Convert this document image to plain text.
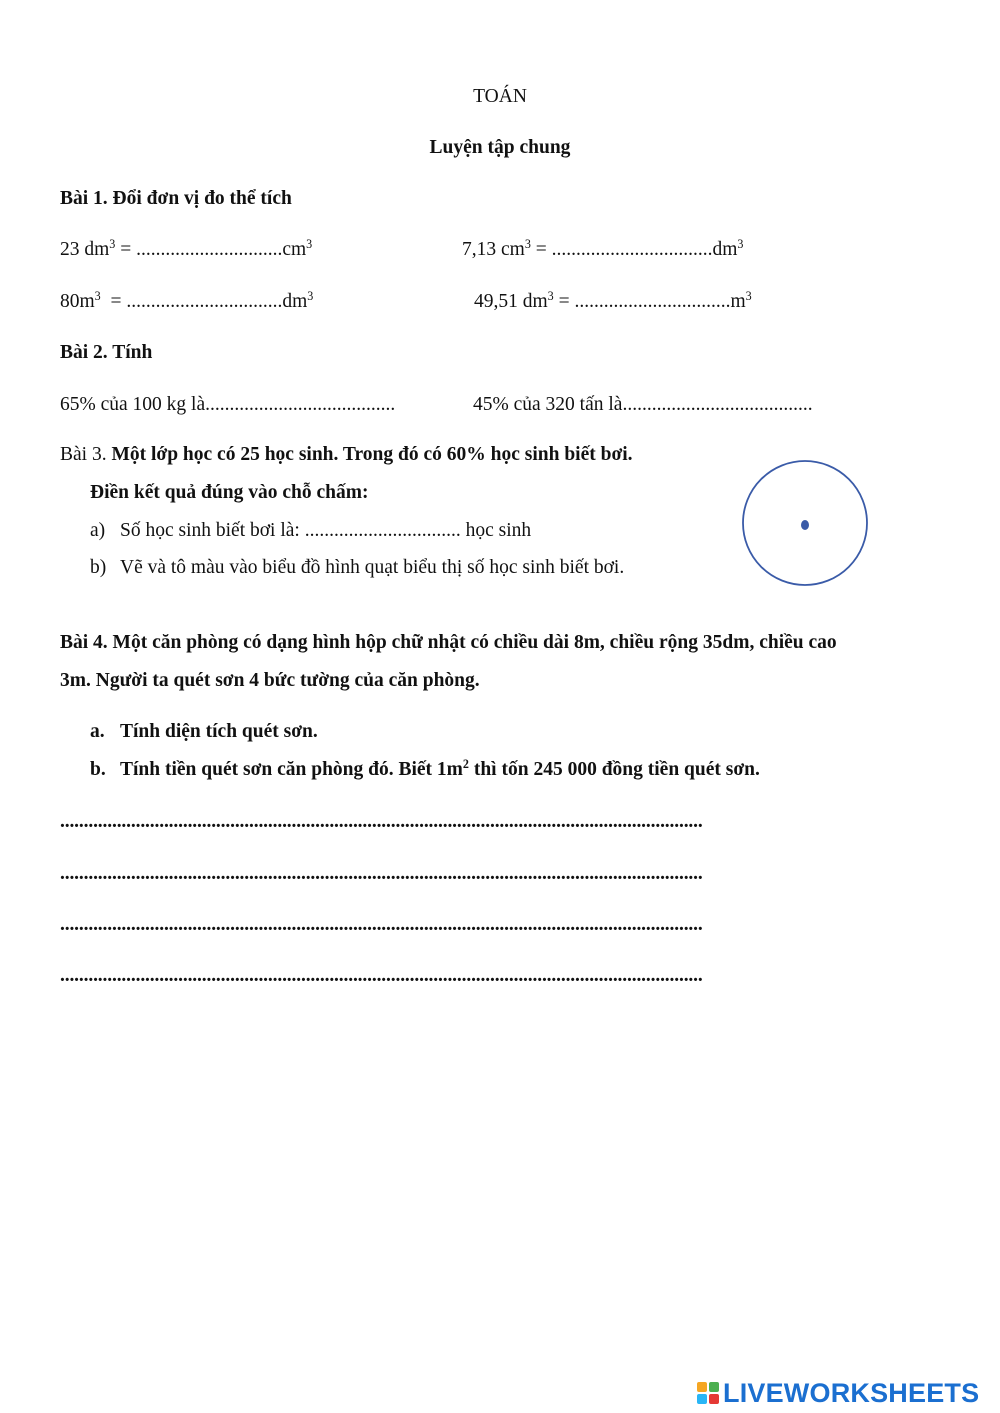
TOÁN
Luyện tập chung
Bài 1. Đổi đơn vị đo thể tích
23 $dm^3 = ..............................cm^3$	7,13 $cm^3 = .................................dm^3$
$80m^3 = ................................dm^3$	49,51 $dm^3 = ................................m^3$
Bài 2. Tính
65% của 100 kg là.......................................	45% của 320 tấn là.......................................
Bài 3. Một lớp học có 25 học sinh. Trong đó có 60% học sinh biết bơi.
Điền kết quả đúng vào chỗ chấm:
a) Số học sinh biết bơi là: ................................ học sinh
b) Vẽ và tô màu vào biểu đồ hình quạt biểu thị số học sinh biết bơi.
Bài 4. Một căn phòng có dạng hình hộp chữ nhật có chiều dài 8m, chiều rộng 35dm, chiều cao
3m. Người ta quét sơn 4 bức tường của căn phòng.
a. Tính diện tích quét sơn.
b. Tính tiền quét sơn căn phòng đó. Biết $1m^2$ thì tốn 245 000 đồng tiền quét sơn.
........................................................................................................................................
........................................................................................................................................
........................................................................................................................................
........................................................................................................................................
LIVEWORKSHEETS
